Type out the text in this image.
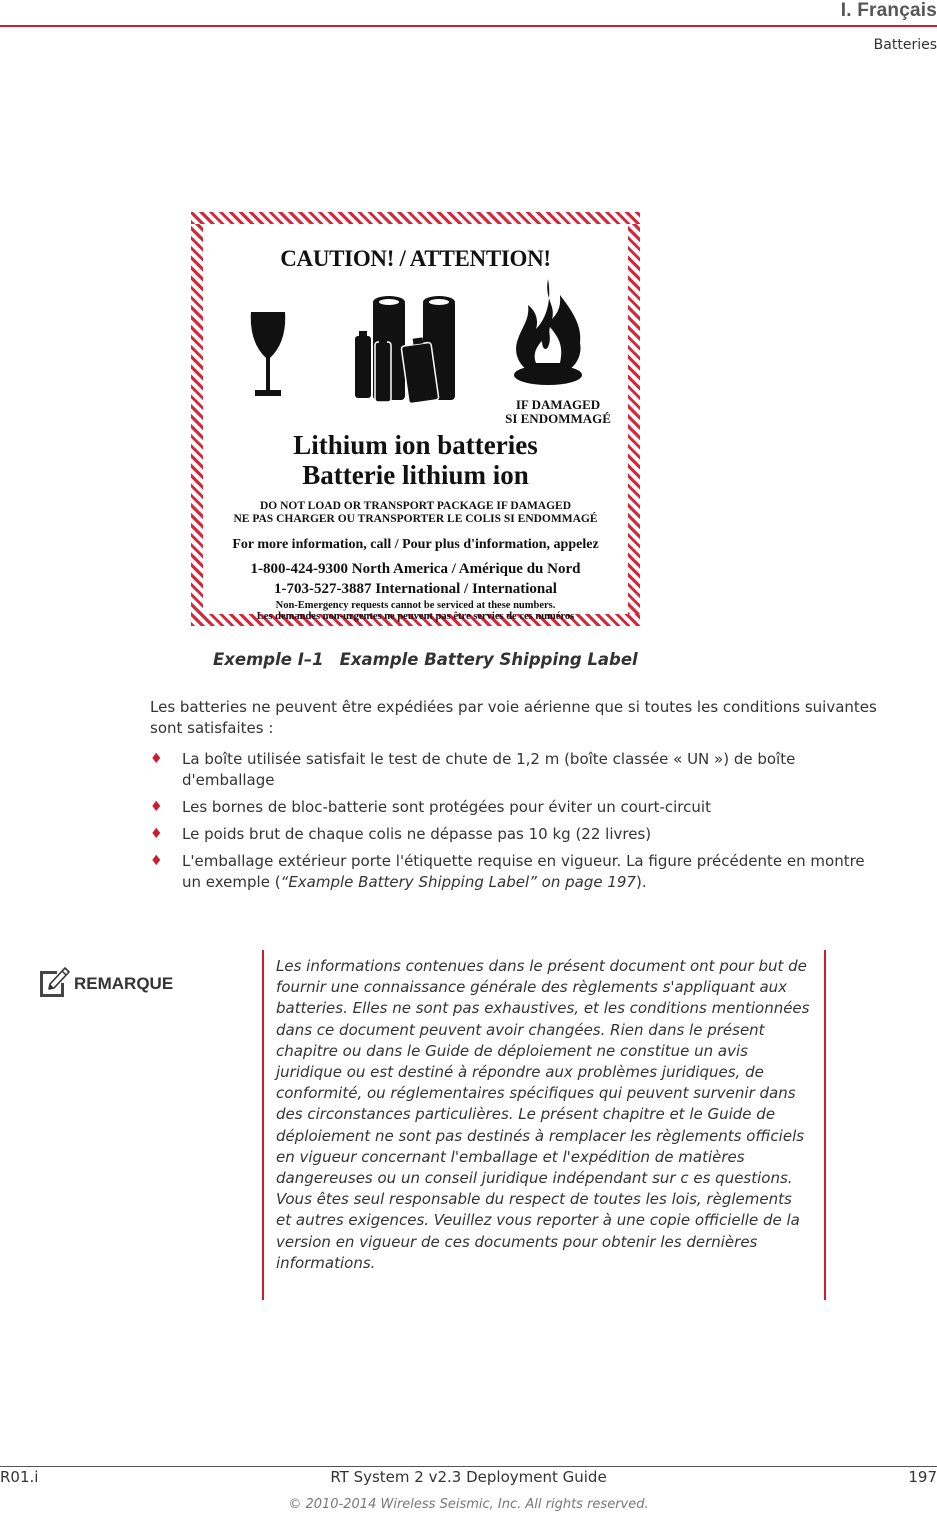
I. Français
Batteries
CAUTION! / ATTENTION!
IF DAMAGED
SI ENDOMMAGÉ
Lithium ion batteries
Batterie lithium ion
DO NOT LOAD OR TRANSPORT PACKAGE IF DAMAGED
NE PAS CHARGER OU TRANSPORTER LE COLIS SI ENDOMMAGÉ
For more information, call / Pour plus d'information, appelez
1-800-424-9300 North America / Amérique du Nord
1-703-527-3887 International / International
Non-Emergency requests cannot be serviced at these numbers.
Les demandes non-urgentes ne peuvent pas être servies de ces numéros
Exemple I–1 Example Battery Shipping Label
Les batteries ne peuvent être expédiées par voie aérienne que si toutes les conditions suivantes sont satisfaites :
♦ La boîte utilisée satisfait le test de chute de 1,2 m (boîte classée « UN ») de boîte d'emballage
♦ Les bornes de bloc-batterie sont protégées pour éviter un court-circuit
♦ Le poids brut de chaque colis ne dépasse pas 10 kg (22 livres)
♦ L'emballage extérieur porte l'étiquette requise en vigueur. La figure précédente en montre un exemple (“Example Battery Shipping Label” on page 197).
REMARQUE
Les informations contenues dans le présent document ont pour but de fournir une connaissance générale des règlements s'appliquant aux batteries. Elles ne sont pas exhaustives, et les conditions mentionnées dans ce document peuvent avoir changées. Rien dans le présent chapitre ou dans le Guide de déploiement ne constitue un avis juridique ou est destiné à répondre aux problèmes juridiques, de conformité, ou réglementaires spécifiques qui peuvent survenir dans des circonstances particulières. Le présent chapitre et le Guide de déploiement ne sont pas destinés à remplacer les règlements officiels en vigueur concernant l'emballage et l'expédition de matières dangereuses ou un conseil juridique indépendant sur c es questions. Vous êtes seul responsable du respect de toutes les lois, règlements et autres exigences. Veuillez vous reporter à une copie officielle de la version en vigueur de ces documents pour obtenir les dernières informations.
R01.i	RT System 2 v2.3 Deployment Guide	197
© 2010-2014 Wireless Seismic, Inc. All rights reserved.
